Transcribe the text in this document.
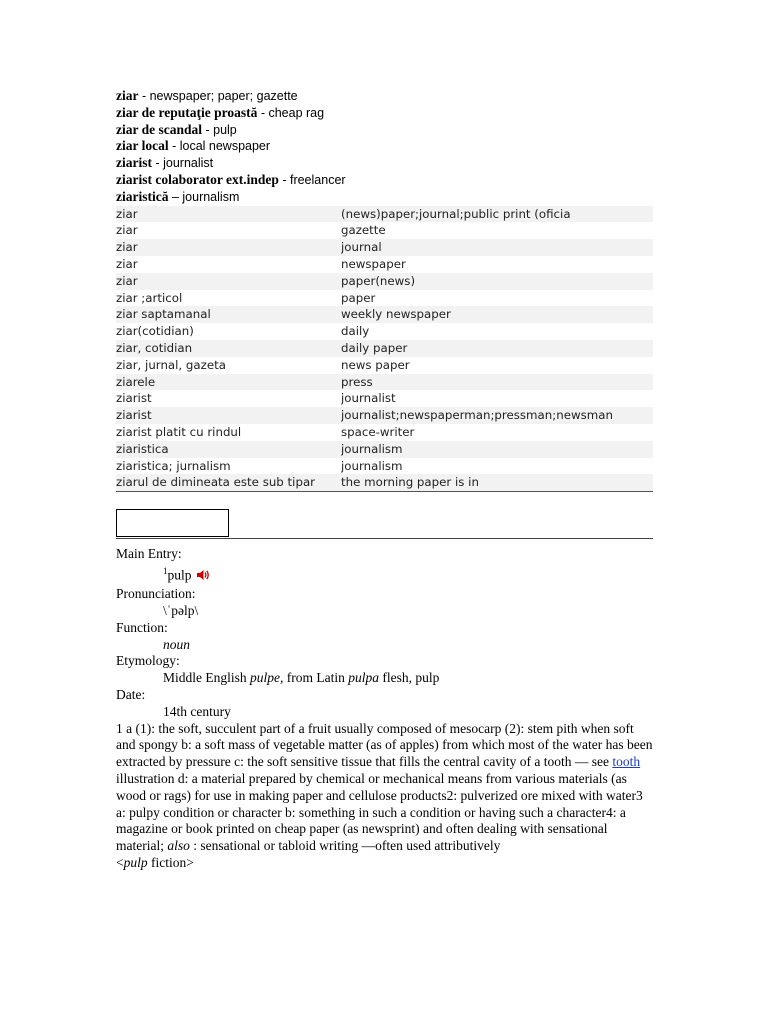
ziar - newspaper; paper; gazette
ziar de reputaţie proastă - cheap rag
ziar de scandal - pulp
ziar local - local newspaper
ziarist - journalist
ziarist colaborator ext.indep - freelancer
ziaristică – journalism
ziar	(news)paper;journal;public print (oficia
ziar	gazette
ziar	journal
ziar	newspaper
ziar	paper(news)
ziar ;articol	paper
ziar saptamanal	weekly newspaper
ziar(cotidian)	daily
ziar, cotidian	daily paper
ziar, jurnal, gazeta	news paper
ziarele	press
ziarist	journalist
ziarist	journalist;newspaperman;pressman;newsman
ziarist platit cu rindul	space-writer
ziaristica	journalism
ziaristica; jurnalism	journalism
ziarul de dimineata este sub tipar	the morning paper is in
Main Entry:
$^1$pulp
Pronunciation:
\ˈpəlp\
Function:
noun
Etymology:
Middle English pulpe, from Latin pulpa flesh, pulp
Date:
14th century
1 a (1): the soft, succulent part of a fruit usually composed of mesocarp (2): stem pith when soft and spongy b: a soft mass of vegetable matter (as of apples) from which most of the water has been extracted by pressure c: the soft sensitive tissue that fills the central cavity of a tooth — see tooth illustration d: a material prepared by chemical or mechanical means from various materials (as wood or rags) for use in making paper and cellulose products2: pulverized ore mixed with water3 a: pulpy condition or character b: something in such a condition or having such a character4: a magazine or book printed on cheap paper (as newsprint) and often dealing with sensational material; also : sensational or tabloid writing —often used attributively
<pulp fiction>
